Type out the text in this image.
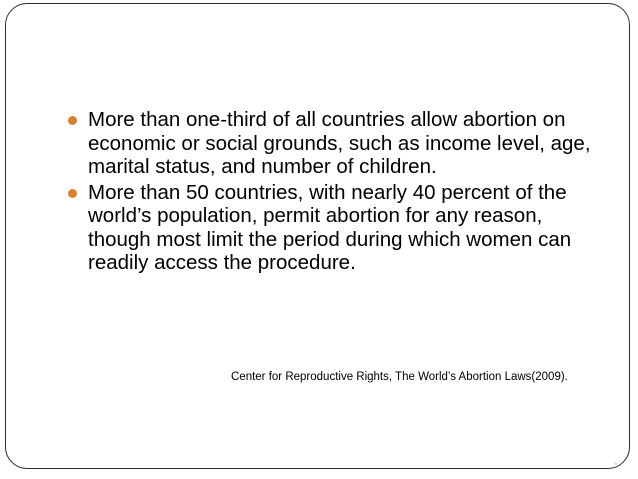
More than one-third of all countries allow abortion on economic or social grounds, such as income level, age, marital status, and number of children.
More than 50 countries, with nearly 40 percent of the world’s population, permit abortion for any reason, though most limit the period during which women can readily access the procedure.
Center for Reproductive Rights, The World’s Abortion Laws(2009).
